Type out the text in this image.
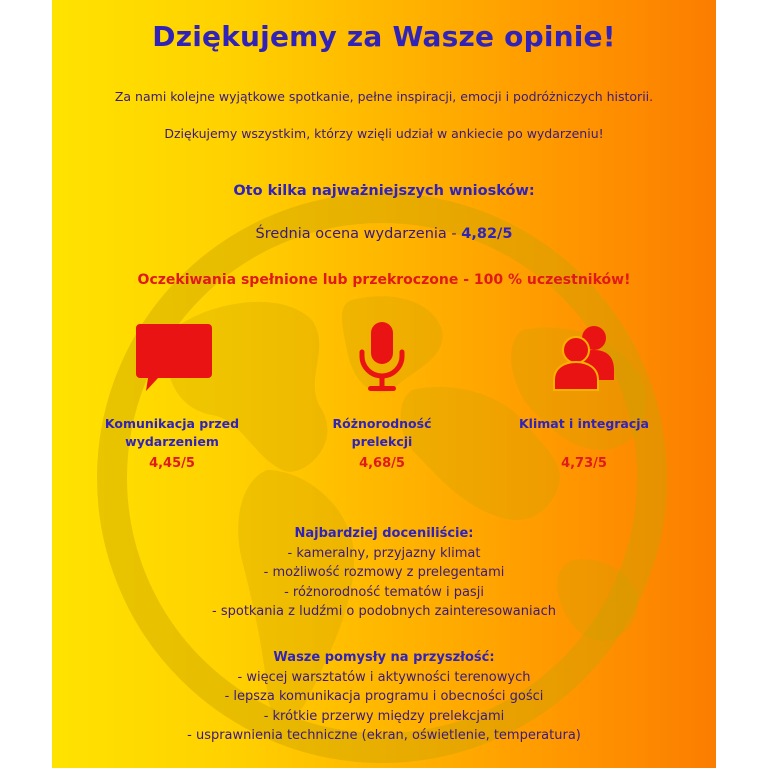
Dziękujemy za Wasze opinie!
Za nami kolejne wyjątkowe spotkanie, pełne inspiracji, emocji i podróżniczych historii.
Dziękujemy wszystkim, którzy wzięli udział w ankiecie po wydarzeniu!
Oto kilka najważniejszych wniosków:
Średnia ocena wydarzenia - 4,82/5
Oczekiwania spełnione lub przekroczone - 100 % uczestników!
Komunikacja przed
wydarzeniem
4,45/5
Różnorodność
prelekcji
4,68/5
Klimat i integracja
4,73/5
Najbardziej doceniliście:
- kameralny, przyjazny klimat
- możliwość rozmowy z prelegentami
- różnorodność tematów i pasji
- spotkania z ludźmi o podobnych zainteresowaniach
Wasze pomysły na przyszłość:
- więcej warsztatów i aktywności terenowych
- lepsza komunikacja programu i obecności gości
- krótkie przerwy między prelekcjami
- usprawnienia techniczne (ekran, oświetlenie, temperatura)
